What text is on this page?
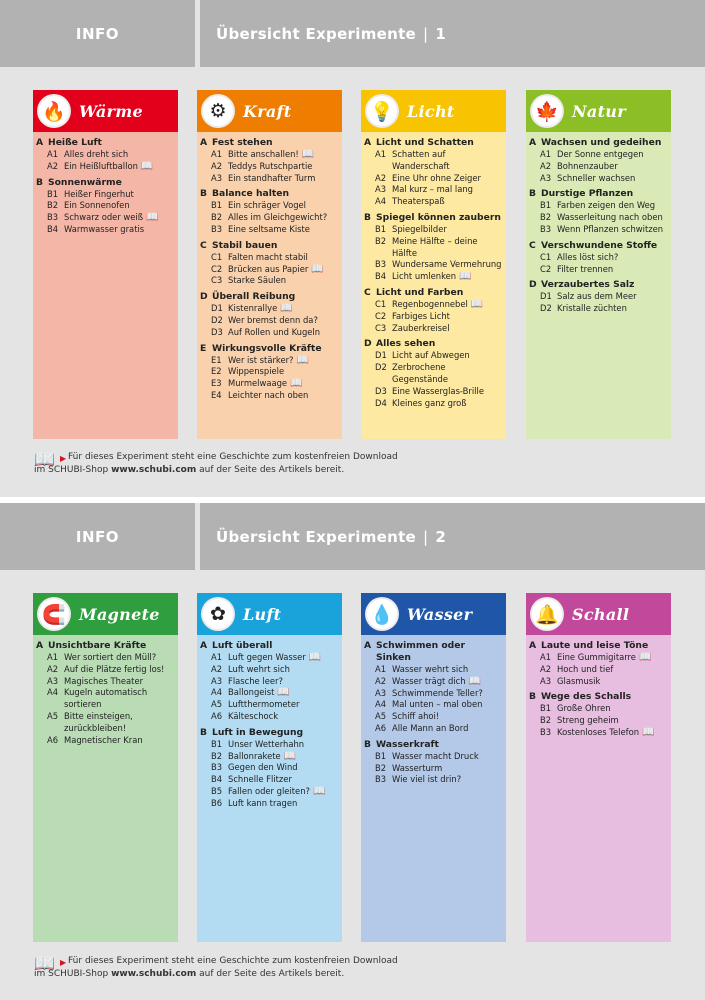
INFO	Übersicht Experimente | 1
🔥 Wärme
A Heiße Luft
A1 Alles dreht sich
A2 Ein Heißluftballon 📖
B Sonnenwärme
B1 Heißer Fingerhut
B2 Ein Sonnenofen
B3 Schwarz oder weiß 📖
B4 Warmwasser gratis
⚙	Kraft
A Fest stehen
A1 Bitte anschallen! 📖
A2 Teddys Rutschpartie
A3 Ein standhafter Turm
B Balance halten
B1 Ein schräger Vogel
B2 Alles im Gleichgewicht?
B3 Eine seltsame Kiste
C Stabil bauen
C1 Falten macht stabil
C2 Brücken aus Papier 📖
C3 Starke Säulen
D Überall Reibung
D1 Kistenrallye 📖
D2 Wer bremst denn da?
D3 Auf Rollen und Kugeln
E Wirkungsvolle Kräfte
E1 Wer ist stärker? 📖
E2 Wippenspiele
E3 Murmelwaage 📖
E4 Leichter nach oben
💡 Licht
A Licht und Schatten
A1 Schatten auf Wanderschaft
A2 Eine Uhr ohne Zeiger
A3 Mal kurz – mal lang
A4 Theaterspaß
B Spiegel können zaubern
B1 Spiegelbilder
B2 Meine Hälfte – deine Hälfte
B3 Wundersame Vermehrung
B4 Licht umlenken 📖
C Licht und Farben
C1 Regenbogennebel 📖
C2 Farbiges Licht
C3 Zauberkreisel
D Alles sehen
D1 Licht auf Abwegen
D2 Zerbrochene Gegenstände
D3 Eine Wasserglas-Brille
D4 Kleines ganz groß
🍁 Natur
A Wachsen und gedeihen
A1 Der Sonne entgegen
A2 Bohnenzauber
A3 Schneller wachsen
B Durstige Pflanzen
B1 Farben zeigen den Weg
B2 Wasserleitung nach oben
B3 Wenn Pflanzen schwitzen
C Verschwundene Stoffe
C1 Alles löst sich?
C2 Filter trennen
D Verzaubertes Salz
D1 Salz aus dem Meer
D2 Kristalle züchten
📖 ▶ Für dieses Experiment steht eine Geschichte zum kostenfreien Download
im SCHUBI-Shop www.schubi.com auf der Seite des Artikels bereit.
INFO	Übersicht Experimente | 2
🧲 Magnete
A Unsichtbare Kräfte
A1 Wer sortiert den Müll?
A2 Auf die Plätze fertig los!
A3 Magisches Theater
A4 Kugeln automatisch sortieren
A5 Bitte einsteigen, zurückbleiben!
A6 Magnetischer Kran
✿	Luft
A Luft überall
A1 Luft gegen Wasser 📖
A2 Luft wehrt sich
A3 Flasche leer?
A4 Ballongeist 📖
A5 Luftthermometer
A6 Kälteschock
B Luft in Bewegung
B1 Unser Wetterhahn
B2 Ballonrakete 📖
B3 Gegen den Wind
B4 Schnelle Flitzer
B5 Fallen oder gleiten? 📖
B6 Luft kann tragen
💧 Wasser
A Schwimmen oder Sinken
A1 Wasser wehrt sich
A2 Wasser trägt dich 📖
A3 Schwimmende Teller?
A4 Mal unten – mal oben
A5 Schiff ahoi!
A6 Alle Mann an Bord
B Wasserkraft
B1 Wasser macht Druck
B2 Wasserturm
B3 Wie viel ist drin?
🔔 Schall
A Laute und leise Töne
A1 Eine Gummigitarre 📖
A2 Hoch und tief
A3 Glasmusik
B Wege des Schalls
B1 Große Ohren
B2 Streng geheim
B3 Kostenloses Telefon 📖
📖 ▶ Für dieses Experiment steht eine Geschichte zum kostenfreien Download
im SCHUBI-Shop www.schubi.com auf der Seite des Artikels bereit.
